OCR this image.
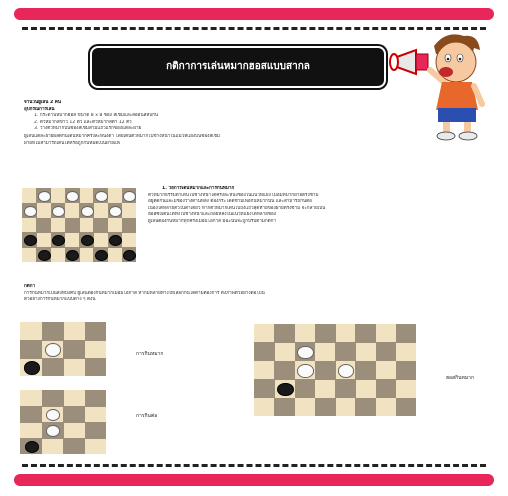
กติกาการเล่นหมากฮอสแบบสากล
จำนวนผู้เล่น 2 คน
อุปกรณ์การเล่น
1. กระดานหมากฮอส ขนาด 8 x 8 ช่อง สีเข้มและสีอ่อนสลับกัน
2. ตัวหมากสีขาว 12 ตัว และตัวหมากสีดำ 12 ตัว
3. วางตัวหมากบนช่องสีเข้มสามแถวแรกของแต่ละฝ่าย
ผู้เล่นแต่ละฝ่ายผลัดกันเดินหมากครั้งละหนึ่งตา โดยเดินตัวหมากไปข้างหน้าในแนวทแยงบนช่องสีเข้ม
ฝ่ายที่ไม่สามารถเดินได้หรือถูกกินหมดเป็นฝ่ายแพ้
1. วิธีการเดินหมากและการกินหมาก
ตัวหมากธรรมดาเดินไปข้างหน้าได้ครั้งละหนึ่งช่องในแนวทแยง เมื่อมีหมากฝ่ายตรงข้าม
อยู่ติดกันและมีช่องว่างด้านหลัง ต้องกระโดดข้ามเพื่อกินหมากนั้น และสามารถกินต่อ
เนื่องได้หลายตัวในตาเดียว หากตัวหมากเดินไปถึงแถวสุดท้ายของฝ่ายตรงข้าม จะกลายเป็น
ฮอสซึ่งเดินได้ทั้งไปข้างหน้าและถอยหลังในแนวทแยงได้หลายช่อง
ผู้เล่นต้องกินหมากทุกครั้งเมื่อมีโอกาส มิฉะนั้นจะถูกปรับตามกติกา
กติกา
การกินหมากเป็นสิ่งที่บังคับ ผู้เล่นต้องกินหมากเมื่อมีโอกาส หากมีหลายทางให้เลือกกินได้ตามต้องการ ดังภาพตัวอย่างต่อไปนี้
ตัวอย่างการกินหมากแบบต่าง ๆ ดังนี้
การกินหมาก
การกินต่อ
ฮอสกินหมาก
